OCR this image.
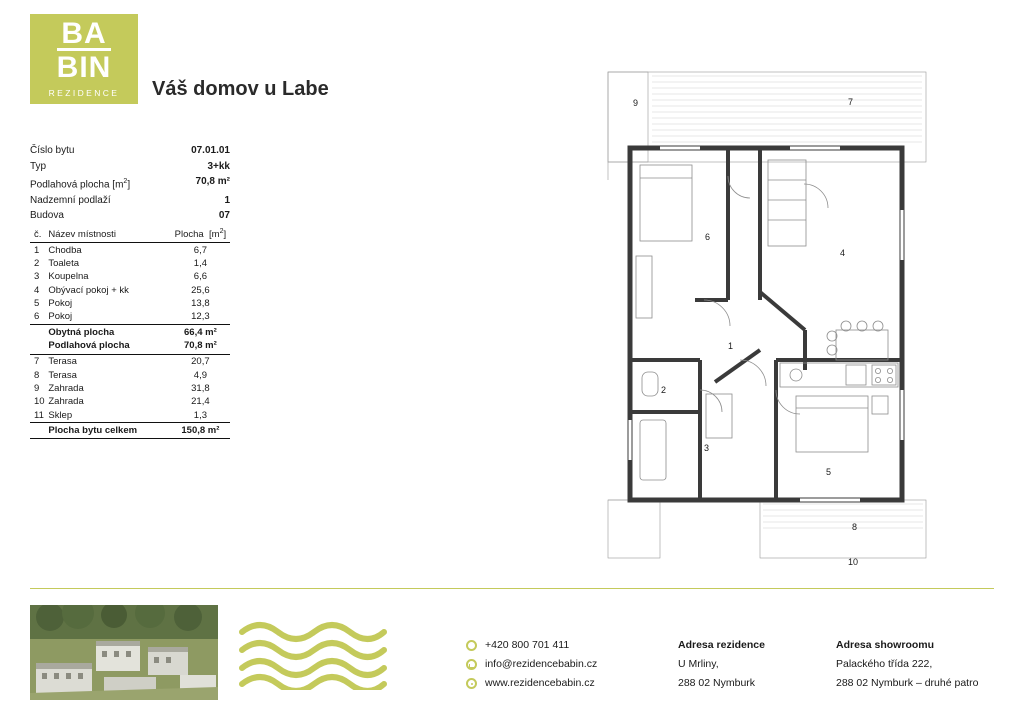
BA
BIN
REZIDENCE Váš domov u Labe
Číslo bytu	07.01.01
Typ	3+kk
Podlahová plocha $[m^2]$	70,8 m²
Nadzemní podlaží	1
Budova	07
č.	Název místnosti	Plocha  $[m^2]$
1	Chodba	6,7
2	Toaleta	1,4
3	Koupelna	6,6
4	Obývací pokoj + kk	25,6
5	Pokoj	13,8
6	Pokoj	12,3
	Obytná plocha	66,4 m²
	Podlahová plocha	70,8 m²
7	Terasa	20,7
8	Terasa	4,9
9	Zahrada	31,8
10	Zahrada	21,4
11	Sklep	1,3
	Plocha bytu celkem	150,8 m²
9	7
6
4
1
2
3
5
8
10
+420 800 701 411
info@rezidencebabin.cz
www.rezidencebabin.cz
Adresa rezidence
U Mrliny,
288 02 Nymburk
Adresa showroomu
Palackého třída 222,
288 02 Nymburk – druhé patro
